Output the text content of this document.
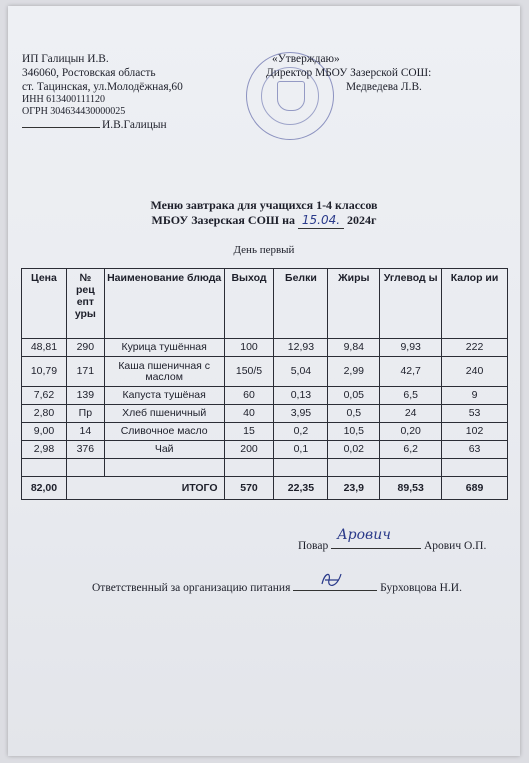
ИП Галицын И.В.
346060, Ростовская область
ст. Тацинская, ул.Молодёжная,60
ИНН 613400111120
ОГРН 304634430000025
И.В.Галицын
«Утверждаю»
Директор МБОУ Зазерской СОШ:
Медведева Л.В.
Меню завтрака для учащихся 1-4 классов
МБОУ Зазерская СОШ на 15.04. 2024г
День первый
Цена	№ рец епт уры	Наименование блюда	Выход	Белки	Жиры	Углевод ы	Калор ии
48,81	290	Курица тушённая	100	12,93	9,84	9,93	222
10,79	171	Каша пшеничная с маслом	150/5	5,04	2,99	42,7	240
7,62	139	Капуста тушёная	60	0,13	0,05	6,5	9
2,80	Пр	Хлеб пшеничный	40	3,95	0,5	24	53
9,00	14	Сливочное масло	15	0,2	10,5	0,20	102
2,98	376	Чай	200	0,1	0,02	6,2	63

82,00	ИТОГО		570	22,35	23,9	89,53	689
Повар
Арович
Арович О.П.
Ответственный за организацию питания	Бурховцова Н.И.
